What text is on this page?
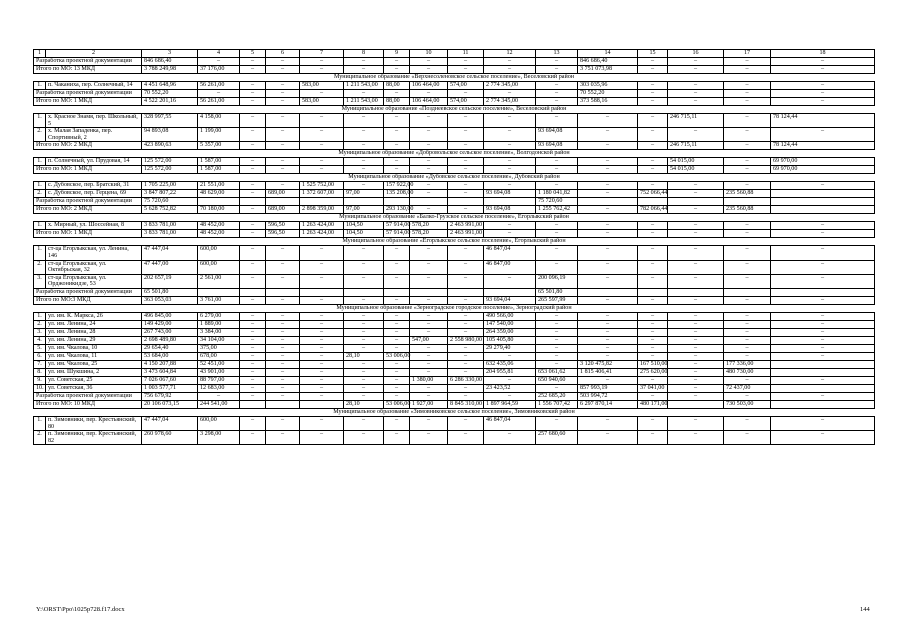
1	2	3	4	5	6	7	8	9	10	11	12	13	14	15	16	17	18
Разработка проектной документации		846 686,40	–	–	–	–	–	–	–	–	–	–	846 686,40	–	–	–	–
Итого по МО: 13 МКД		3 788 249,98	37 176,00	–	–	–	–	–	–	–	–	–	3 751 073,98	–	–	–	–
Муниципальное образование «Верхнесоленовское сельское поселение», Веселовский район																	
1.	п. Чаканиха, пер. Солнечный, 14	4 451 648,96	56 261,00	–	–	583,00	1 211 543,00	88,00	106 464,00	574,00	2 774 345,00	–	303 035,96	–	–	–	–
Разработка проектной документации		70 552,20	–	–	–	–	–	–	–	–	–	–	70 552,20	–	–	–	–
Итого по МО: 1 МКД		4 522 201,16	56 261,00	–	–	583,00	1 211 543,00	88,00	106 464,00	574,00	2 774 345,00	–	373 588,16	–	–	–	–
Муниципальное образование «Позднеевское сельское поселение», Веселовский район																	
1.	х. Красное Знамя, пер. Школьный, 5	328 997,55	4 158,00	–	–	–	–	–	–	–	–	–	–	–	246 715,11	–	78 124,44
2.	х. Малая Западенка, пер. Спортивный, 2	94 893,08	1 199,00	–	–	–	–	–	–	–	–	93 694,08	–	–	–	–	–
Итого по МО: 2 МКД		423 890,63	5 357,00	–	–	–	–	–	–	–	–	93 694,08	–	–	246 715,11	–	78 124,44
Муниципальное образование «Добровольское сельское поселение», Волгодонской район																	
1.	п. Солнечный, ул. Прудовая, 14	125 572,00	1 587,00	–	–	–	–	–	–	–	–	–	–	–	54 015,00	–	69 970,00
Итого по МО: 1 МКД		125 572,00	1 587,00	–	–	–	–	–	–	–	–	–	–	–	54 015,00	–	69 970,00
Муниципальное образование «Дубовское сельское поселение», Дубовский район																	
1.	с. Дубовское, пер. Братский, 31	1 705 225,00	21 551,00	–	–	1 525 752,00	–	157 922,00	–	–	–	–	–	–	–	–	–
2.	с. Дубовское, пер. Герцена, 69	3 847 807,22	48 629,00	–	689,00	1 372 607,00	97,00	135 208,00	–	–	93 694,08	1 180 041,82	–	752 066,44	–	235 560,88	
Разработка проектной документации		75 720,60										75 720,60					
Итого по МО: 2 МКД		5 628 752,82	70 180,00	–	689,00	2 898 359,00	97,00	293 130,00	–	–	93 694,08	1 255 762,42	–	782 066,44	–	235 560,88	
Муниципальное образование «Балко-Грузское сельское поселение», Егорлыкский район																	
1.	х. Мирный, ул. Шоссейная, 8	3 833 781,00	48 452,00	–	596,50	1 263 424,00	104,50	57 914,00	578,20	2 463 991,00	–	–	–	–	–	–	–
Итого по МО: 1 МКД		3 833 781,00	48 452,00	–	596,50	1 263 424,00	104,50	57 914,00	578,20	2 463 991,00	–	–	–	–	–	–	–
Муниципальное образование «Егорлыкское сельское поселение», Егорлыкский район																	
1.	ст-ца Егорлыкская, ул. Ленина, 146	47 447,04	600,00	–	–	–	–	–	–	–	46 847,04	–	–	–	–	–	–
2.	ст-ца Егорлыкская, ул. Октябрьская, 32	47 447,00	600,00	–	–	–	–	–	–	–	46 847,00	–	–	–	–	–	–
3.	ст-ца Егорлыкская, ул. Орджоникидзе, 53	202 657,19	2 561,00	–	–	–	–	–	–	–	–	200 096,19	–	–	–	–	–
Разработка проектной документации		65 501,80										65 501,80					
Итого по МО:3 МКД		363 053,03	3 761,00	–	–	–	–	–	–	–	93 694,04	265 597,99	–	–	–	–	–
Муниципальное образование «Зерноградское городское поселение», Зерноградский район																	
1.	ул. им. К. Маркса, 26	496 845,00	6 279,00	–	–	–	–	–	–	–	490 566,00	–	–	–	–	–	–
2.	ул. им. Ленина, 24	149 429,00	1 889,00	–	–	–	–	–	–	–	147 540,00	–	–	–	–	–	–
3.	ул. им. Ленина, 28	267 743,00	3 384,00	–	–	–	–	–	–	–	264 359,00	–	–	–	–	–	–
4.	ул. им. Ленина, 29	2 698 489,80	34 104,00	–	–	–	–	–	547,00	2 558 980,00	105 405,80	–	–	–	–	–	–
5.	ул. им. Чкалова, 10	29 654,40	375,00	–	–	–	–	–	–	–	29 279,40	–	–	–	–	–	–
6.	ул. им. Чкалова, 11	53 684,00	678,00	–	–	–	28,10	53 006,00	–	–	–	–	–	–	–	–	–
7.	ул. им. Чкалова, 25	4 150 207,88	52 451,00	–	–	–	–	–	–	–	632 435,06	–	3 120 475,82	167 510,00	–	177 336,00	
8.	ул. им. Шукшина, 2	3 473 604,84	43 901,00	–	–	–	–	–	–	–	204 955,81	653 061,62	1 815 406,41	275 620,00	–	480 730,00	
9.	ул. Советская, 25	7 026 067,60	88 797,00	–	–	–	–	–	1 380,00	6 286 330,00	–	650 940,60	–	–	–	–	–
10.	ул. Советская, 36	1 003 577,71	12 683,00	–	–	–	–	–	–	–	23 423,52	–	857 993,19	37 041,00	–	72 437,00	
Разработка проектной документации		756 679,92	–	–	–	–	–	–	–	–	–	252 685,20	503 994,72	–	–	–	–
Итого по МО: 10 МКД		20 106 073,15	244 541,00				28,10	53 006,00	1 927,00	8 845 310,00	1 897 964,59	1 556 707,42	6 297 870,14	480 171,00		730 503,00	
Муниципальное образование «Зимовниковское сельское поселение», Зимовниковский район																	
1.	п. Зимовники, пер. Крестьянский, 80	47 447,04	600,00	–	–	–	–	–	–	–	46 847,04	–	–	–	–	–	–
2.	п. Зимовники, пер. Крестьянский, 82	260 978,60	3 298,00	–	–	–	–	–	–	–	–	257 680,60	–	–	–	–	–
Y:\ORST\Ppo\1025p728.f17.docx	144
